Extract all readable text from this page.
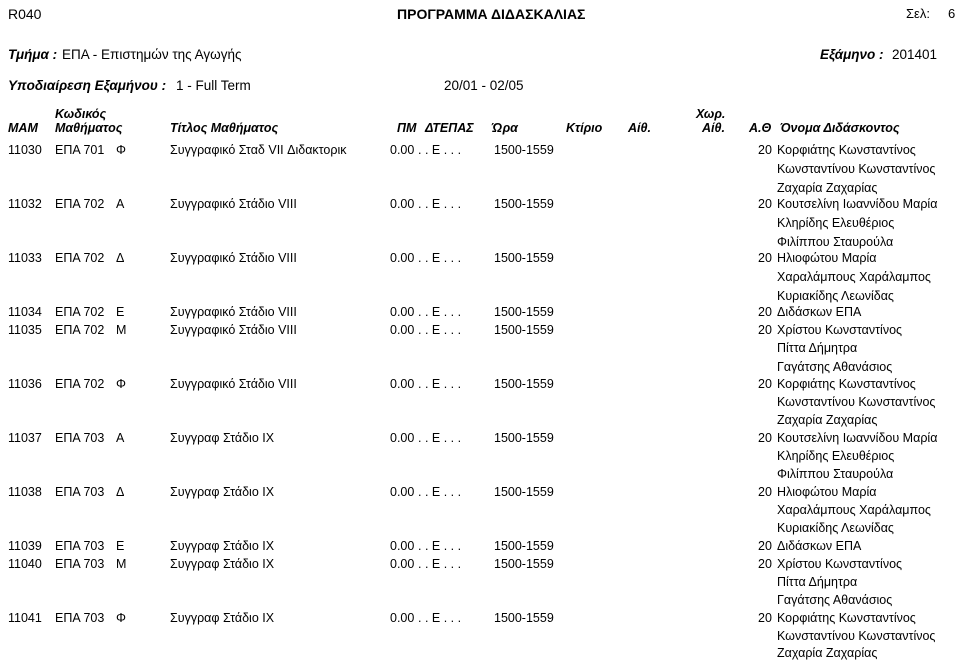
R040	ΠΡΟΓΡΑΜΜΑ ΔΙΔΑΣΚΑΛΙΑΣ	Σελ: 6
Τμήμα : ΕΠΑ - Επιστημών της Αγωγής	Εξάμηνο : 201401
Υποδιαίρεση Εξαμήνου : 1 - Full Term	20/01 - 02/05
ΜΑΜ
Κωδικός
Μαθήματος	Τίτλος Μαθήματος	ΠΜ ΔΤΕΠΑΣ Ώρα	Κτίριο Αίθ.
Χωρ.
Αίθ. Α.Θ Όνομα Διδάσκοντος
11030 ΕΠΑ 701 Φ	Συγγραφικό Σταδ VII Διδακτορικ	0.00 . . Ε . . .	1500-1559	20 Κορφιάτης Κωνσταντίνος
Κωνσταντίνου Κωνσταντίνος
Ζαχαρία Ζαχαρίας
11032 ΕΠΑ 702 Α	Συγγραφικό Στάδιο VIII	0.00 . . Ε . . .	1500-1559	20 Κουτσελίνη Ιωαννίδου Μαρία
Κληρίδης Ελευθέριος
Φιλίππου Σταυρούλα
11033 ΕΠΑ 702 Δ	Συγγραφικό Στάδιο VIII	0.00 . . Ε . . .	1500-1559	20 Ηλιοφώτου Μαρία
Χαραλάμπους Χαράλαμπος
Κυριακίδης Λεωνίδας
11034 ΕΠΑ 702 Ε	Συγγραφικό Στάδιο VIII	0.00 . . Ε . . .	1500-1559	20 Διδάσκων ΕΠΑ
11035 ΕΠΑ 702 Μ	Συγγραφικό Στάδιο VIII	0.00 . . Ε . . .	1500-1559	20 Χρίστου Κωνσταντίνος
Πίττα Δήμητρα
Γαγάτσης Αθανάσιος
11036 ΕΠΑ 702 Φ	Συγγραφικό Στάδιο VIII	0.00 . . Ε . . .	1500-1559	20 Κορφιάτης Κωνσταντίνος
Κωνσταντίνου Κωνσταντίνος
Ζαχαρία Ζαχαρίας
11037 ΕΠΑ 703 Α	Συγγραφ Στάδιο IX	0.00 . . Ε . . .	1500-1559	20 Κουτσελίνη Ιωαννίδου Μαρία
Κληρίδης Ελευθέριος
Φιλίππου Σταυρούλα
11038 ΕΠΑ 703 Δ	Συγγραφ Στάδιο IX	0.00 . . Ε . . .	1500-1559	20 Ηλιοφώτου Μαρία
Χαραλάμπους Χαράλαμπος
Κυριακίδης Λεωνίδας
11039 ΕΠΑ 703 Ε	Συγγραφ Στάδιο IX	0.00 . . Ε . . .	1500-1559	20 Διδάσκων ΕΠΑ
11040 ΕΠΑ 703 Μ	Συγγραφ Στάδιο IX	0.00 . . Ε . . .	1500-1559	20 Χρίστου Κωνσταντίνος
Πίττα Δήμητρα
Γαγάτσης Αθανάσιος
11041 ΕΠΑ 703 Φ	Συγγραφ Στάδιο IX	0.00 . . Ε . . .	1500-1559	20 Κορφιάτης Κωνσταντίνος
Κωνσταντίνου Κωνσταντίνος
Ζαχαρία Ζαχαρίας
